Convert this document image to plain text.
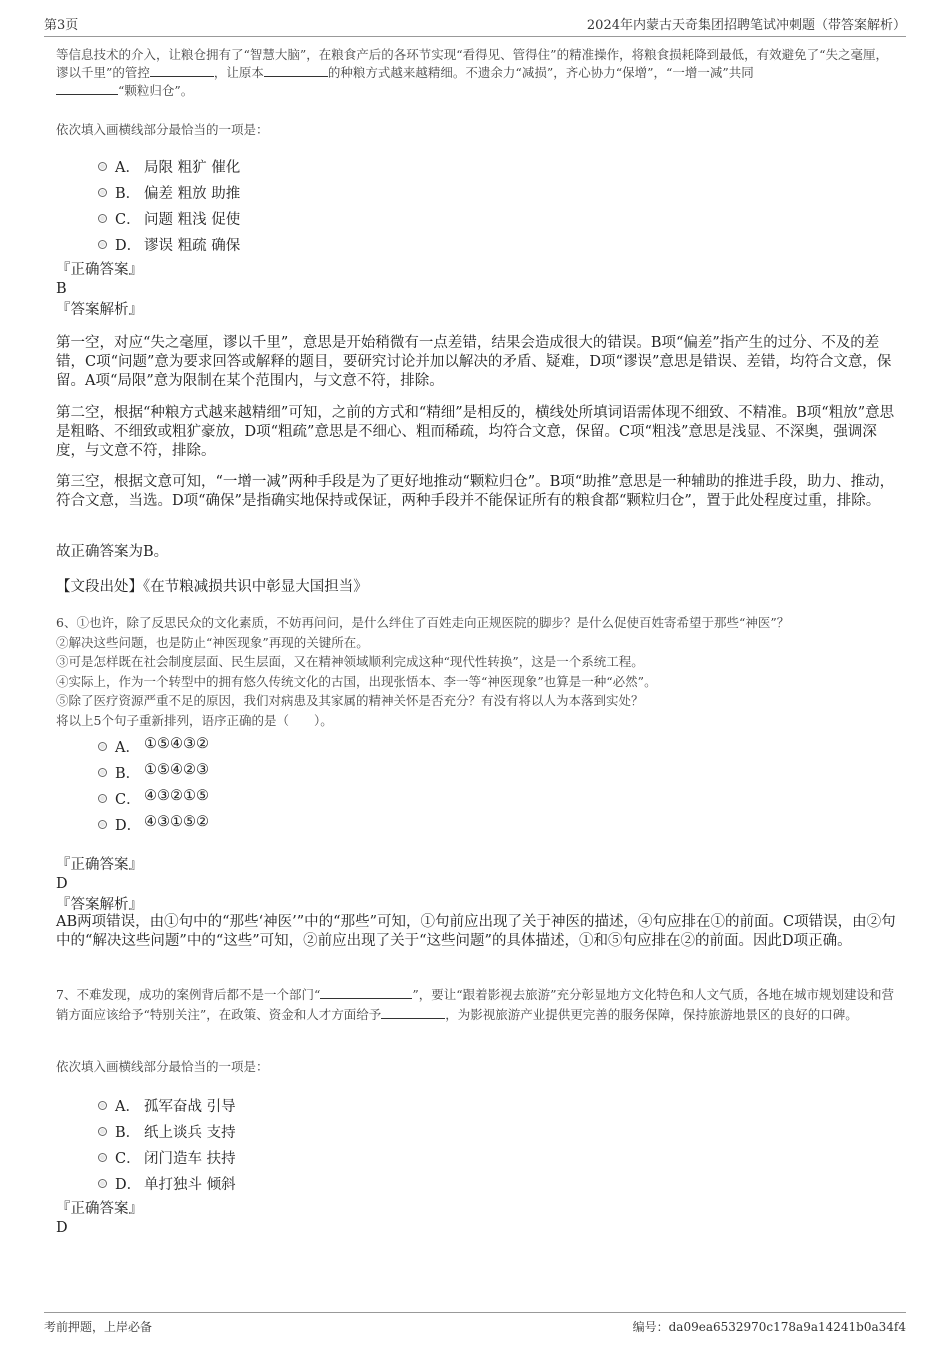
第3页	2024年内蒙古天奇集团招聘笔试冲刺题（带答案解析）
等信息技术的介入，让粮仓拥有了“智慧大脑”，在粮食产后的各环节实现“看得见、管得住”的精准操作，将粮食损耗降到最低，有效避免了“失之毫厘，谬以千里”的管控	，让原本	的种粮方式越来越精细。不遗余力“减损”，齐心协力“保增”，“一增一减”共同
“颗粒归仓”。
依次填入画横线部分最恰当的一项是：
A． 局限 粗犷 催化
B． 偏差 粗放 助推
C． 问题 粗浅 促使
D． 谬误 粗疏 确保
『正确答案』
B
『答案解析』
第一空，对应“失之毫厘，谬以千里”，意思是开始稍微有一点差错，结果会造成很大的错误。B项“偏差”指产生的过分、不及的差错，C项“问题”意为要求回答或解释的题目，要研究讨论并加以解决的矛盾、疑难，D项“谬误”意思是错误、差错，均符合文意，保留。A项“局限”意为限制在某个范围内，与文意不符，排除。
第二空，根据“种粮方式越来越精细”可知，之前的方式和“精细”是相反的，横线处所填词语需体现不细致、不精准。B项“粗放”意思是粗略、不细致或粗犷豪放，D项“粗疏”意思是不细心、粗而稀疏，均符合文意，保留。C项“粗浅”意思是浅显、不深奥，强调深度，与文意不符，排除。
第三空，根据文意可知，“一增一减”两种手段是为了更好地推动“颗粒归仓”。B项“助推”意思是一种辅助的推进手段，助力、推动，符合文意，当选。D项“确保”是指确实地保持或保证，两种手段并不能保证所有的粮食都“颗粒归仓”，置于此处程度过重，排除。
故正确答案为B。
【文段出处】《在节粮减损共识中彰显大国担当》
6、①也许，除了反思民众的文化素质，不妨再问问，是什么绊住了百姓走向正规医院的脚步？是什么促使百姓寄希望于那些“神医”？
②解决这些问题，也是防止“神医现象”再现的关键所在。
③可是怎样既在社会制度层面、民生层面，又在精神领域顺利完成这种“现代性转换”，这是一个系统工程。
④实际上，作为一个转型中的拥有悠久传统文化的古国，出现张悟本、李一等“神医现象”也算是一种“必然”。
⑤除了医疗资源严重不足的原因，我们对病患及其家属的精神关怀是否充分？有没有将以人为本落到实处？
将以上5个句子重新排列，语序正确的是（　　）。
A． ①⑤④③②
B． ①⑤④②③
C． ④③②①⑤
D． ④③①⑤②
『正确答案』
D
『答案解析』
AB两项错误，由①句中的“那些‘神医’”中的“那些”可知，①句前应出现了关于神医的描述，④句应排在①的前面。C项错误，由②句中的“解决这些问题”中的“这些”可知，②前应出现了关于“这些问题”的具体描述，①和⑤句应排在②的前面。因此D项正确。
7、不难发现，成功的案例背后都不是一个部门“	”，要让“跟着影视去旅游”充分彰显地方文化特色和人文气质，各地在城市规划建设和营销方面应该给予“特别关注”，在政策、资金和人才方面给予	，为影视旅游产业提供更完善的服务保障，保持旅游地景区的良好的口碑。
依次填入画横线部分最恰当的一项是：
A． 孤军奋战 引导
B． 纸上谈兵 支持
C． 闭门造车 扶持
D． 单打独斗 倾斜
『正确答案』
D
考前押题，上岸必备	编号：da09ea6532970c178a9a14241b0a34f4
